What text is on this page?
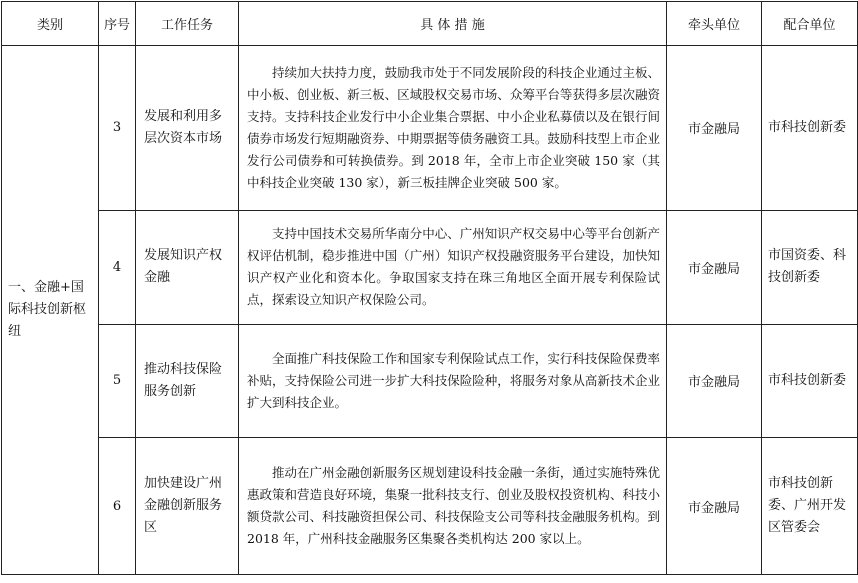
类别	序号	工作任务	具 体 措 施	牵头单位	配合单位
一、金融+国际科技创新枢纽	3	发展和利用多层次资本市场	持续加大扶持力度，鼓励我市处于不同发展阶段的科技企业通过主板、中小板、创业板、新三板、区域股权交易市场、众筹平台等获得多层次融资支持。支持科技企业发行中小企业集合票据、中小企业私募债以及在银行间债券市场发行短期融资券、中期票据等债务融资工具。鼓励科技型上市企业发行公司债券和可转换债券。到 2018 年，全市上市企业突破 150 家（其中科技企业突破 130 家），新三板挂牌企业突破 500 家。	市金融局	市科技创新委
	4	发展知识产权金融	支持中国技术交易所华南分中心、广州知识产权交易中心等平台创新产权评估机制，稳步推进中国（广州）知识产权投融资服务平台建设，加快知识产权产业化和资本化。争取国家支持在珠三角地区全面开展专利保险试点，探索设立知识产权保险公司。	市金融局	市国资委、科技创新委
	5	推动科技保险服务创新	全面推广科技保险工作和国家专利保险试点工作，实行科技保险保费率补贴，支持保险公司进一步扩大科技保险险种，将服务对象从高新技术企业扩大到科技企业。	市金融局	市科技创新委
	6	加快建设广州金融创新服务区	推动在广州金融创新服务区规划建设科技金融一条街，通过实施特殊优惠政策和营造良好环境，集聚一批科技支行、创业及股权投资机构、科技小额贷款公司、科技融资担保公司、科技保险支公司等科技金融服务机构。到 2018 年，广州科技金融服务区集聚各类机构达 200 家以上。	市金融局	市科技创新委、广州开发区管委会
